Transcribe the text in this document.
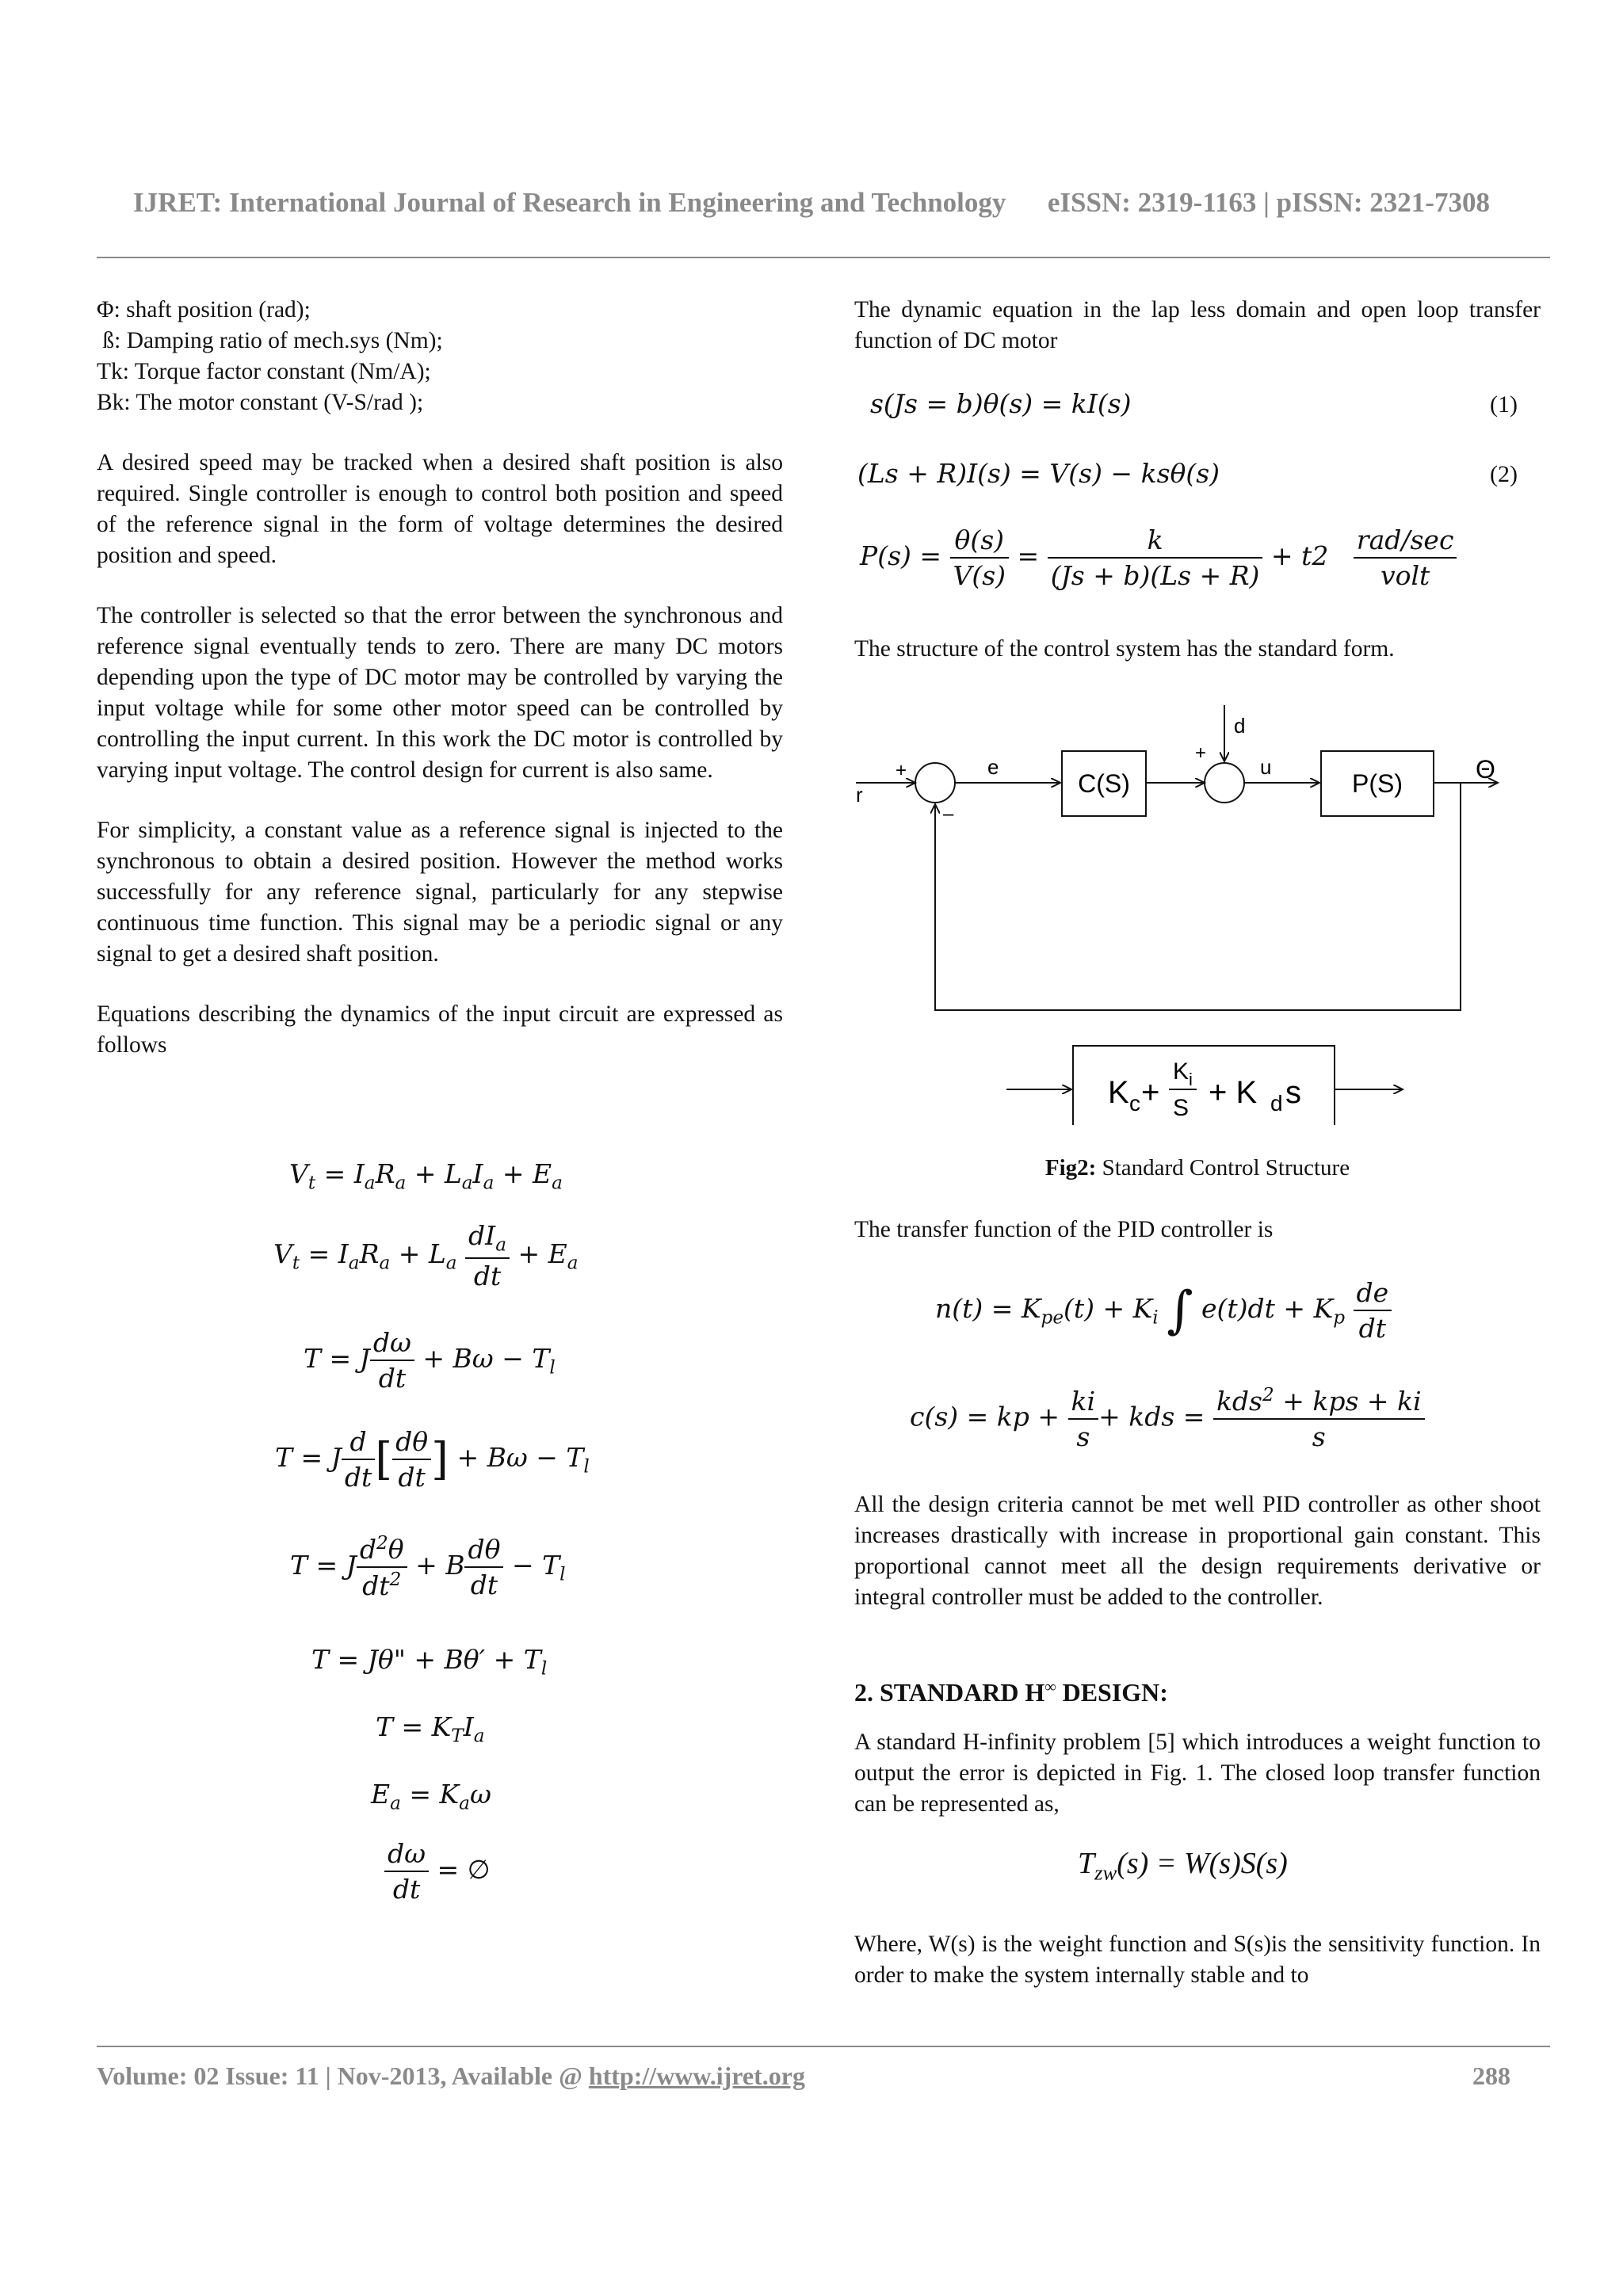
IJRET: International Journal of Research in Engineering and Technology eISSN: 2319-1163 | pISSN: 2321-7308

Φ: shaft position (rad);

ß: Damping ratio of mech.sys (Nm);

Tk: Torque factor constant (Nm/A);

Bk: The motor constant (V-S/rad );

A desired speed may be tracked when a desired shaft position is also required. Single controller is enough to control both position and speed of the reference signal in the form of voltage determines the desired position and speed.

The controller is selected so that the error between the synchronous and reference signal eventually tends to zero. There are many DC motors depending upon the type of DC motor may be controlled by varying the input voltage while for some other motor speed can be controlled by controlling the input current. In this work the DC motor is controlled by varying input voltage. The control design for current is also same.

For simplicity, a constant value as a reference signal is injected to the synchronous to obtain a desired position. However the method works successfully for any reference signal, particularly for any stepwise continuous time function. This signal may be a periodic signal or any signal to get a desired shaft position.

Equations describing the dynamics of the input circuit are expressed as follows

$V_t = I_aR_a + L_aI_a + E_a$
$V_t = I_aR_a + L_a \frac{dI_a}{dt} + E_a$
T = J $\frac{d\omega}{dt} + B\omega - T_l$
T = J $\frac{d}{dt}$ [ $\frac{d\theta}{dt}$ ] + $B\omega - T_l$
T = J $\frac{d^2\theta}{dt^2} + B \frac{d\theta}{dt} - T_l$
T = Jθ" + $B\theta' + T_l$
$T = K_TI_a$
$E_a = K_a\omega$
$\frac{d\omega}{dt}$ = ∅

The dynamic equation in the lap less domain and open loop transfer function of DC motor

s(Js = b)θ(s) = kI(s)	(1)
(Ls + R)I(s) = V(s) − ksθ(s)	(2)
$P(s) = \frac{\theta(s)}{V(s)} = \frac{k}{(Js + b)(Ls + R)} + t2 \frac{\text{rad/sec}}{\text{volt}}$

The structure of the control system has the standard form.

r
+
–
e
C(S)
d
+
u
P(S)	Θ
K c +
K i
S + K d s
Fig2: Standard Control Structure

The transfer function of the PID controller is

$n(t) = K_{pe}(t) + K_i$ ∫ $e(t)dt + K_p \frac{de}{dt}$
c(s) = kp + $\frac{ki}{s}$ + kds = $\frac{kds^2 + kps + ki}{s}$

All the design criteria cannot be met well PID controller as other shoot increases drastically with increase in proportional gain constant. This proportional cannot meet all the design requirements derivative or integral controller must be added to the controller.

2. STANDARD H∞ DESIGN:

A standard H-infinity problem [5] which introduces a weight function to output the error is depicted in Fig. 1. The closed loop transfer function can be represented as,

$T_{zw}(s) = W(s)S(s)$

Where, W(s) is the weight function and S(s)is the sensitivity function. In order to make the system internally stable and to

Volume: 02 Issue: 11 | Nov-2013, Available @ http://www.ijret.org	288
